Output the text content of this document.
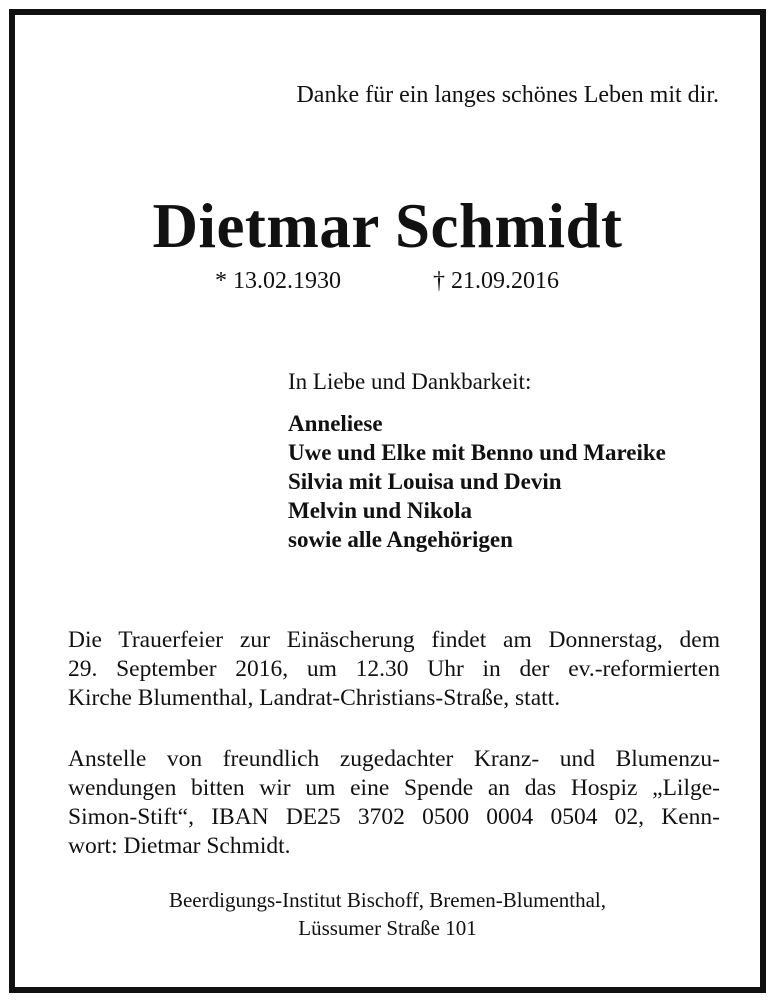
Danke für ein langes schönes Leben mit dir.
Dietmar Schmidt
* 13.02.1930	† 21.09.2016
In Liebe und Dankbarkeit:
Anneliese
Uwe und Elke mit Benno und Mareike
Silvia mit Louisa und Devin
Melvin und Nikola
sowie alle Angehörigen
Die Trauerfeier zur Einäscherung findet am Donnerstag, dem
29. September 2016, um 12.30 Uhr in der ev.-reformierten
Kirche Blumenthal, Landrat-Christians-Straße, statt.
Anstelle von freundlich zugedachter Kranz- und Blumenzu-
wendungen bitten wir um eine Spende an das Hospiz „Lilge-
Simon-Stift“, IBAN DE25 3702 0500 0004 0504 02, Kenn-
wort: Dietmar Schmidt.
Beerdigungs-Institut Bischoff, Bremen-Blumenthal,
Lüssumer Straße 101
